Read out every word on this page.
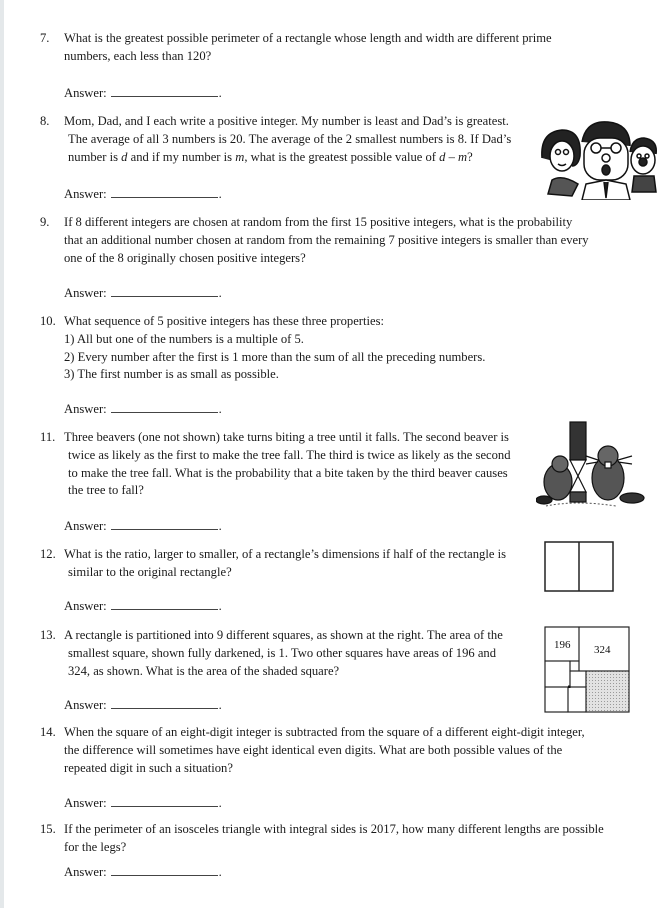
7.	What is the greatest possible perimeter of a rectangle whose length and width are different prime
numbers, each less than 120?
Answer:	.
8.	Mom, Dad, and I each write a positive integer. My number is least and Dad’s is greatest.
The average of all 3 numbers is 20. The average of the 2 smallest numbers is 8. If Dad’s
number is d and if my number is m, what is the greatest possible value of d – m?
Answer:	.
9.	If 8 different integers are chosen at random from the first 15 positive integers, what is the probability
that an additional number chosen at random from the remaining 7 positive integers is smaller than every
one of the 8 originally chosen positive integers?
Answer:	.
10. What sequence of 5 positive integers has these three properties:
1) All but one of the numbers is a multiple of 5.
2) Every number after the first is 1 more than the sum of all the preceding numbers.
3) The first number is as small as possible.
Answer:	.
11. Three beavers (one not shown) take turns biting a tree until it falls. The second beaver is
twice as likely as the first to make the tree fall. The third is twice as likely as the second
to make the tree fall. What is the probability that a bite taken by the third beaver causes
the tree to fall?
Answer:	.
12. What is the ratio, larger to smaller, of a rectangle’s dimensions if half of the rectangle is
similar to the original rectangle?
Answer:	.
13. A rectangle is partitioned into 9 different squares, as shown at the right. The area of the
smallest square, shown fully darkened, is 1. Two other squares have areas of 196 and
324, as shown. What is the area of the shaded square?
196 324
Answer:	.
14. When the square of an eight-digit integer is subtracted from the square of a different eight-digit integer,
the difference will sometimes have eight identical even digits. What are both possible values of the
repeated digit in such a situation?
Answer:	.
15. If the perimeter of an isosceles triangle with integral sides is 2017, how many different lengths are possible
for the legs?
Answer:	.
